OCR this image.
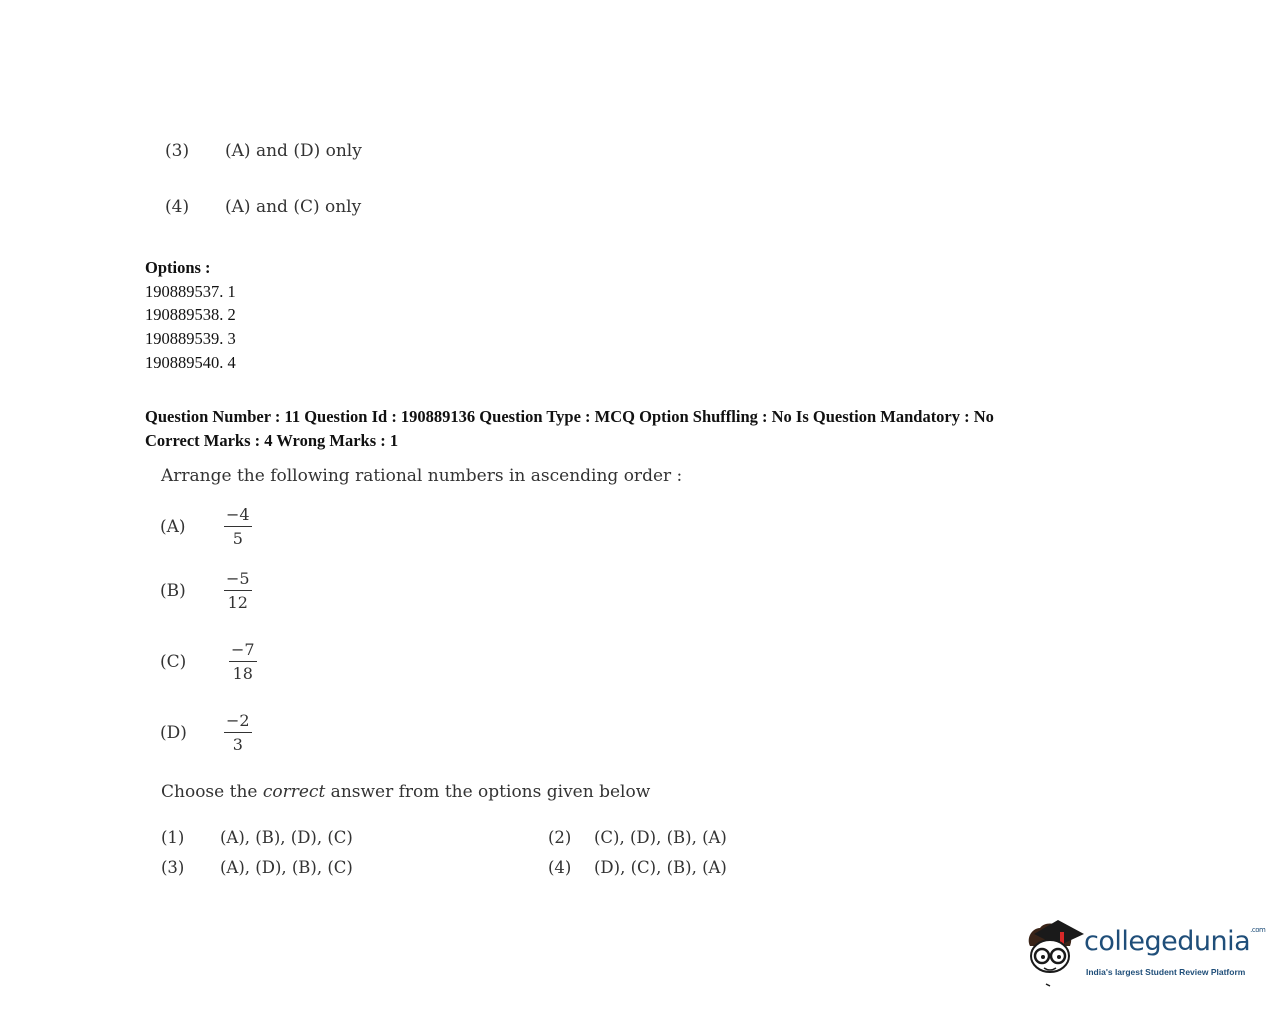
(3) (A) and (D) only
(4) (A) and (C) only
Options :
190889537. 1
190889538. 2
190889539. 3
190889540. 4
Question Number : 11 Question Id : 190889136 Question Type : MCQ Option Shuffling : No Is Question Mandatory : No
Correct Marks : 4 Wrong Marks : 1
Arrange the following rational numbers in ascending order :
$(A) \frac{-4}{5}$
$(B) \frac{-5}{12}$
(C)	$\frac{-7}{18}$
$(D) \frac{-2}{3}$
Choose the correct answer from the options given below
(1) (A), (B), (D), (C)	(2) (C), (D), (B), (A)
(3) (A), (D), (B), (C)	(4) (D), (C), (B), (A)
collegedunia$^{.com}$
India's largest Student Review Platform
